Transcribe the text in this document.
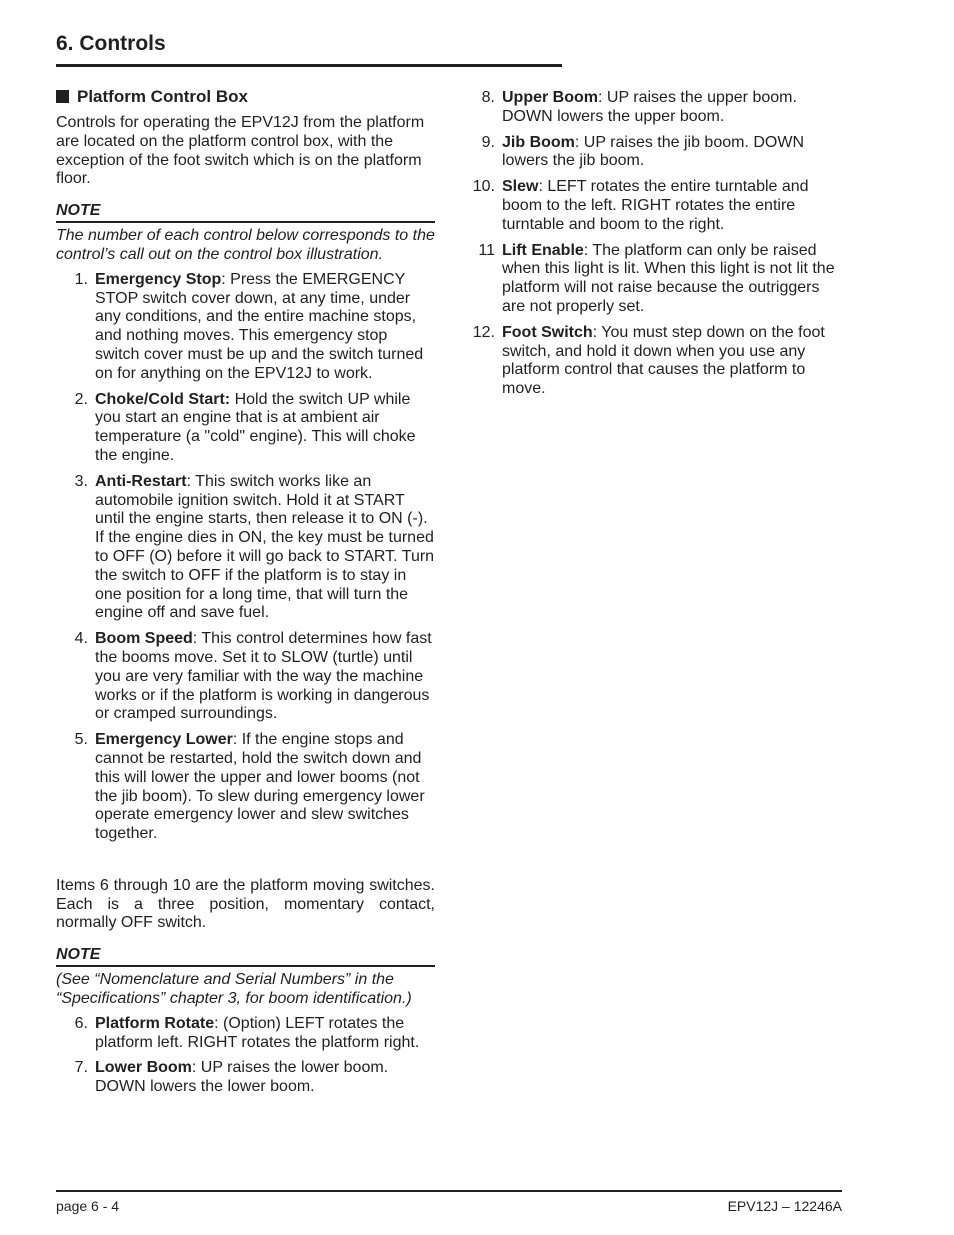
6. Controls
Platform Control Box

Controls for operating the EPV12J from the platform are located on the platform control box, with the exception of the foot switch which is on the platform floor.

NOTE

The number of each control below corresponds to the control’s call out on the control box illustration.

1. Emergency Stop: Press the EMERGENCY STOP switch cover down, at any time, under any conditions, and the entire machine stops, and nothing moves. This emergency stop switch cover must be up and the switch turned on for anything on the EPV12J to work.
2. Choke/Cold Start: Hold the switch UP while you start an engine that is at ambient air temperature (a "cold" engine). This will choke the engine.
3. Anti-Restart: This switch works like an automobile ignition switch. Hold it at START until the engine starts, then release it to ON (-). If the engine dies in ON, the key must be turned to OFF (O) before it will go back to START. Turn the switch to OFF if the platform is to stay in one position for a long time, that will turn the engine off and save fuel.
4. Boom Speed: This control determines how fast the booms move. Set it to SLOW (turtle) until you are very familiar with the way the machine works or if the platform is working in dangerous or cramped surroundings.
5. Emergency Lower: If the engine stops and cannot be restarted, hold the switch down and this will lower the upper and lower booms (not the jib boom). To slew during emergency lower operate emergency lower and slew switches together.

Items 6 through 10 are the platform moving switches. Each is a three position, momentary contact, normally OFF switch.

NOTE

(See “Nomenclature and Serial Numbers” in the “Specifications” chapter 3, for boom identification.)

6. Platform Rotate: (Option) LEFT rotates the platform left. RIGHT rotates the platform right.
7. Lower Boom: UP raises the lower boom. DOWN lowers the lower boom.
8. Upper Boom: UP raises the upper boom. DOWN lowers the upper boom.
9. Jib Boom: UP raises the jib boom. DOWN lowers the jib boom.
10. Slew: LEFT rotates the entire turntable and boom to the left. RIGHT rotates the entire turntable and boom to the right.
11 Lift Enable: The platform can only be raised when this light is lit. When this light is not lit the platform will not raise because the outriggers are not properly set.
12. Foot Switch: You must step down on the foot switch, and hold it down when you use any platform control that causes the platform to move.
page 6 - 4	EPV12J – 12246A
